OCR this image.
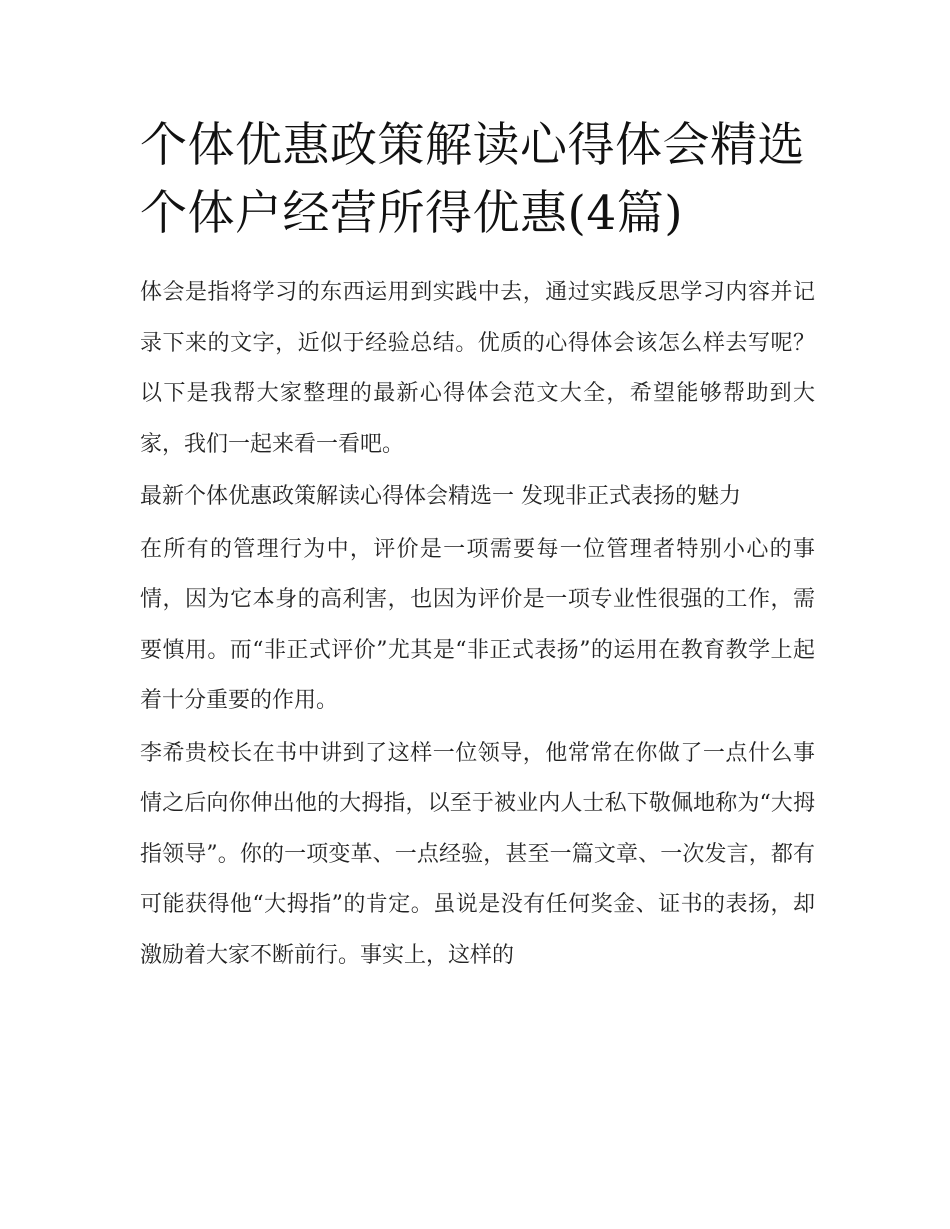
个体优惠政策解读心得体会精选 个体户经营所得优惠(4篇)

体会是指将学习的东西运用到实践中去，通过实践反思学习内容并记录下来的文字，近似于经验总结。优质的心得体会该怎么样去写呢？以下是我帮大家整理的最新心得体会范文大全，希望能够帮助到大家，我们一起来看一看吧。

最新个体优惠政策解读心得体会精选一 发现非正式表扬的魅力

在所有的管理行为中，评价是一项需要每一位管理者特别小心的事情，因为它本身的高利害，也因为评价是一项专业性很强的工作，需要慎用。而“非正式评价”尤其是“非正式表扬”的运用在教育教学上起着十分重要的作用。

李希贵校长在书中讲到了这样一位领导，他常常在你做了一点什么事情之后向你伸出他的大拇指，以至于被业内人士私下敬佩地称为“大拇指领导”。你的一项变革、一点经验，甚至一篇文章、一次发言，都有可能获得他“大拇指”的肯定。虽说是没有任何奖金、证书的表扬，却激励着大家不断前行。事实上，这样的
